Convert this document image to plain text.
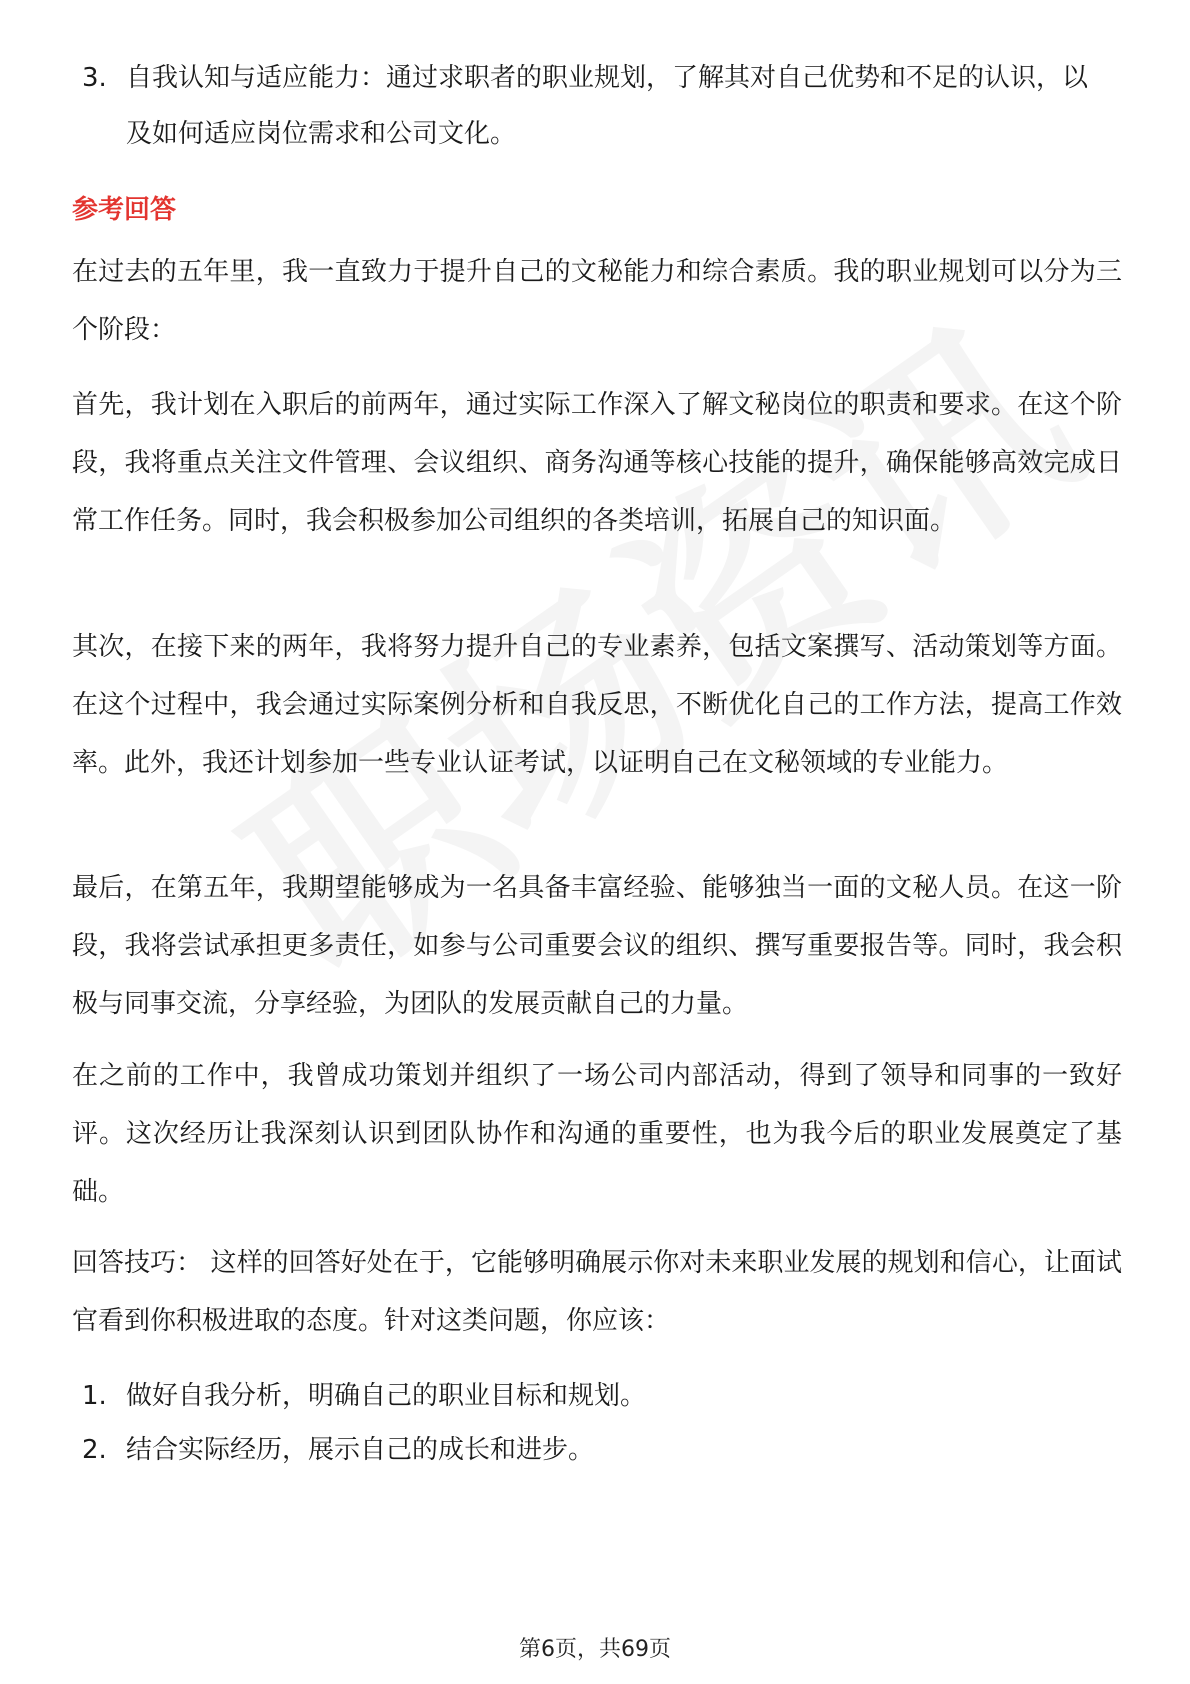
3. 自我认知与适应能力：通过求职者的职业规划，了解其对自己优势和不足的认识，以及如何适应岗位需求和公司文化。
参考回答

在过去的五年里，我一直致力于提升自己的文秘能力和综合素质。我的职业规划可以分为三个阶段：

首先，我计划在入职后的前两年，通过实际工作深入了解文秘岗位的职责和要求。在这个阶段，我将重点关注文件管理、会议组织、商务沟通等核心技能的提升，确保能够高效完成日常工作任务。同时，我会积极参加公司组织的各类培训，拓展自己的知识面。

其次，在接下来的两年，我将努力提升自己的专业素养，包括文案撰写、活动策划等方面。在这个过程中，我会通过实际案例分析和自我反思，不断优化自己的工作方法，提高工作效率。此外，我还计划参加一些专业认证考试，以证明自己在文秘领域的专业能力。

最后，在第五年，我期望能够成为一名具备丰富经验、能够独当一面的文秘人员。在这一阶段，我将尝试承担更多责任，如参与公司重要会议的组织、撰写重要报告等。同时，我会积极与同事交流，分享经验，为团队的发展贡献自己的力量。

在之前的工作中，我曾成功策划并组织了一场公司内部活动，得到了领导和同事的一致好评。这次经历让我深刻认识到团队协作和沟通的重要性，也为我今后的职业发展奠定了基础。

回答技巧： 这样的回答好处在于，它能够明确展示你对未来职业发展的规划和信心，让面试官看到你积极进取的态度。针对这类问题，你应该：

1. 做好自我分析，明确自己的职业目标和规划。
2. 结合实际经历，展示自己的成长和进步。
第6页，共69页
